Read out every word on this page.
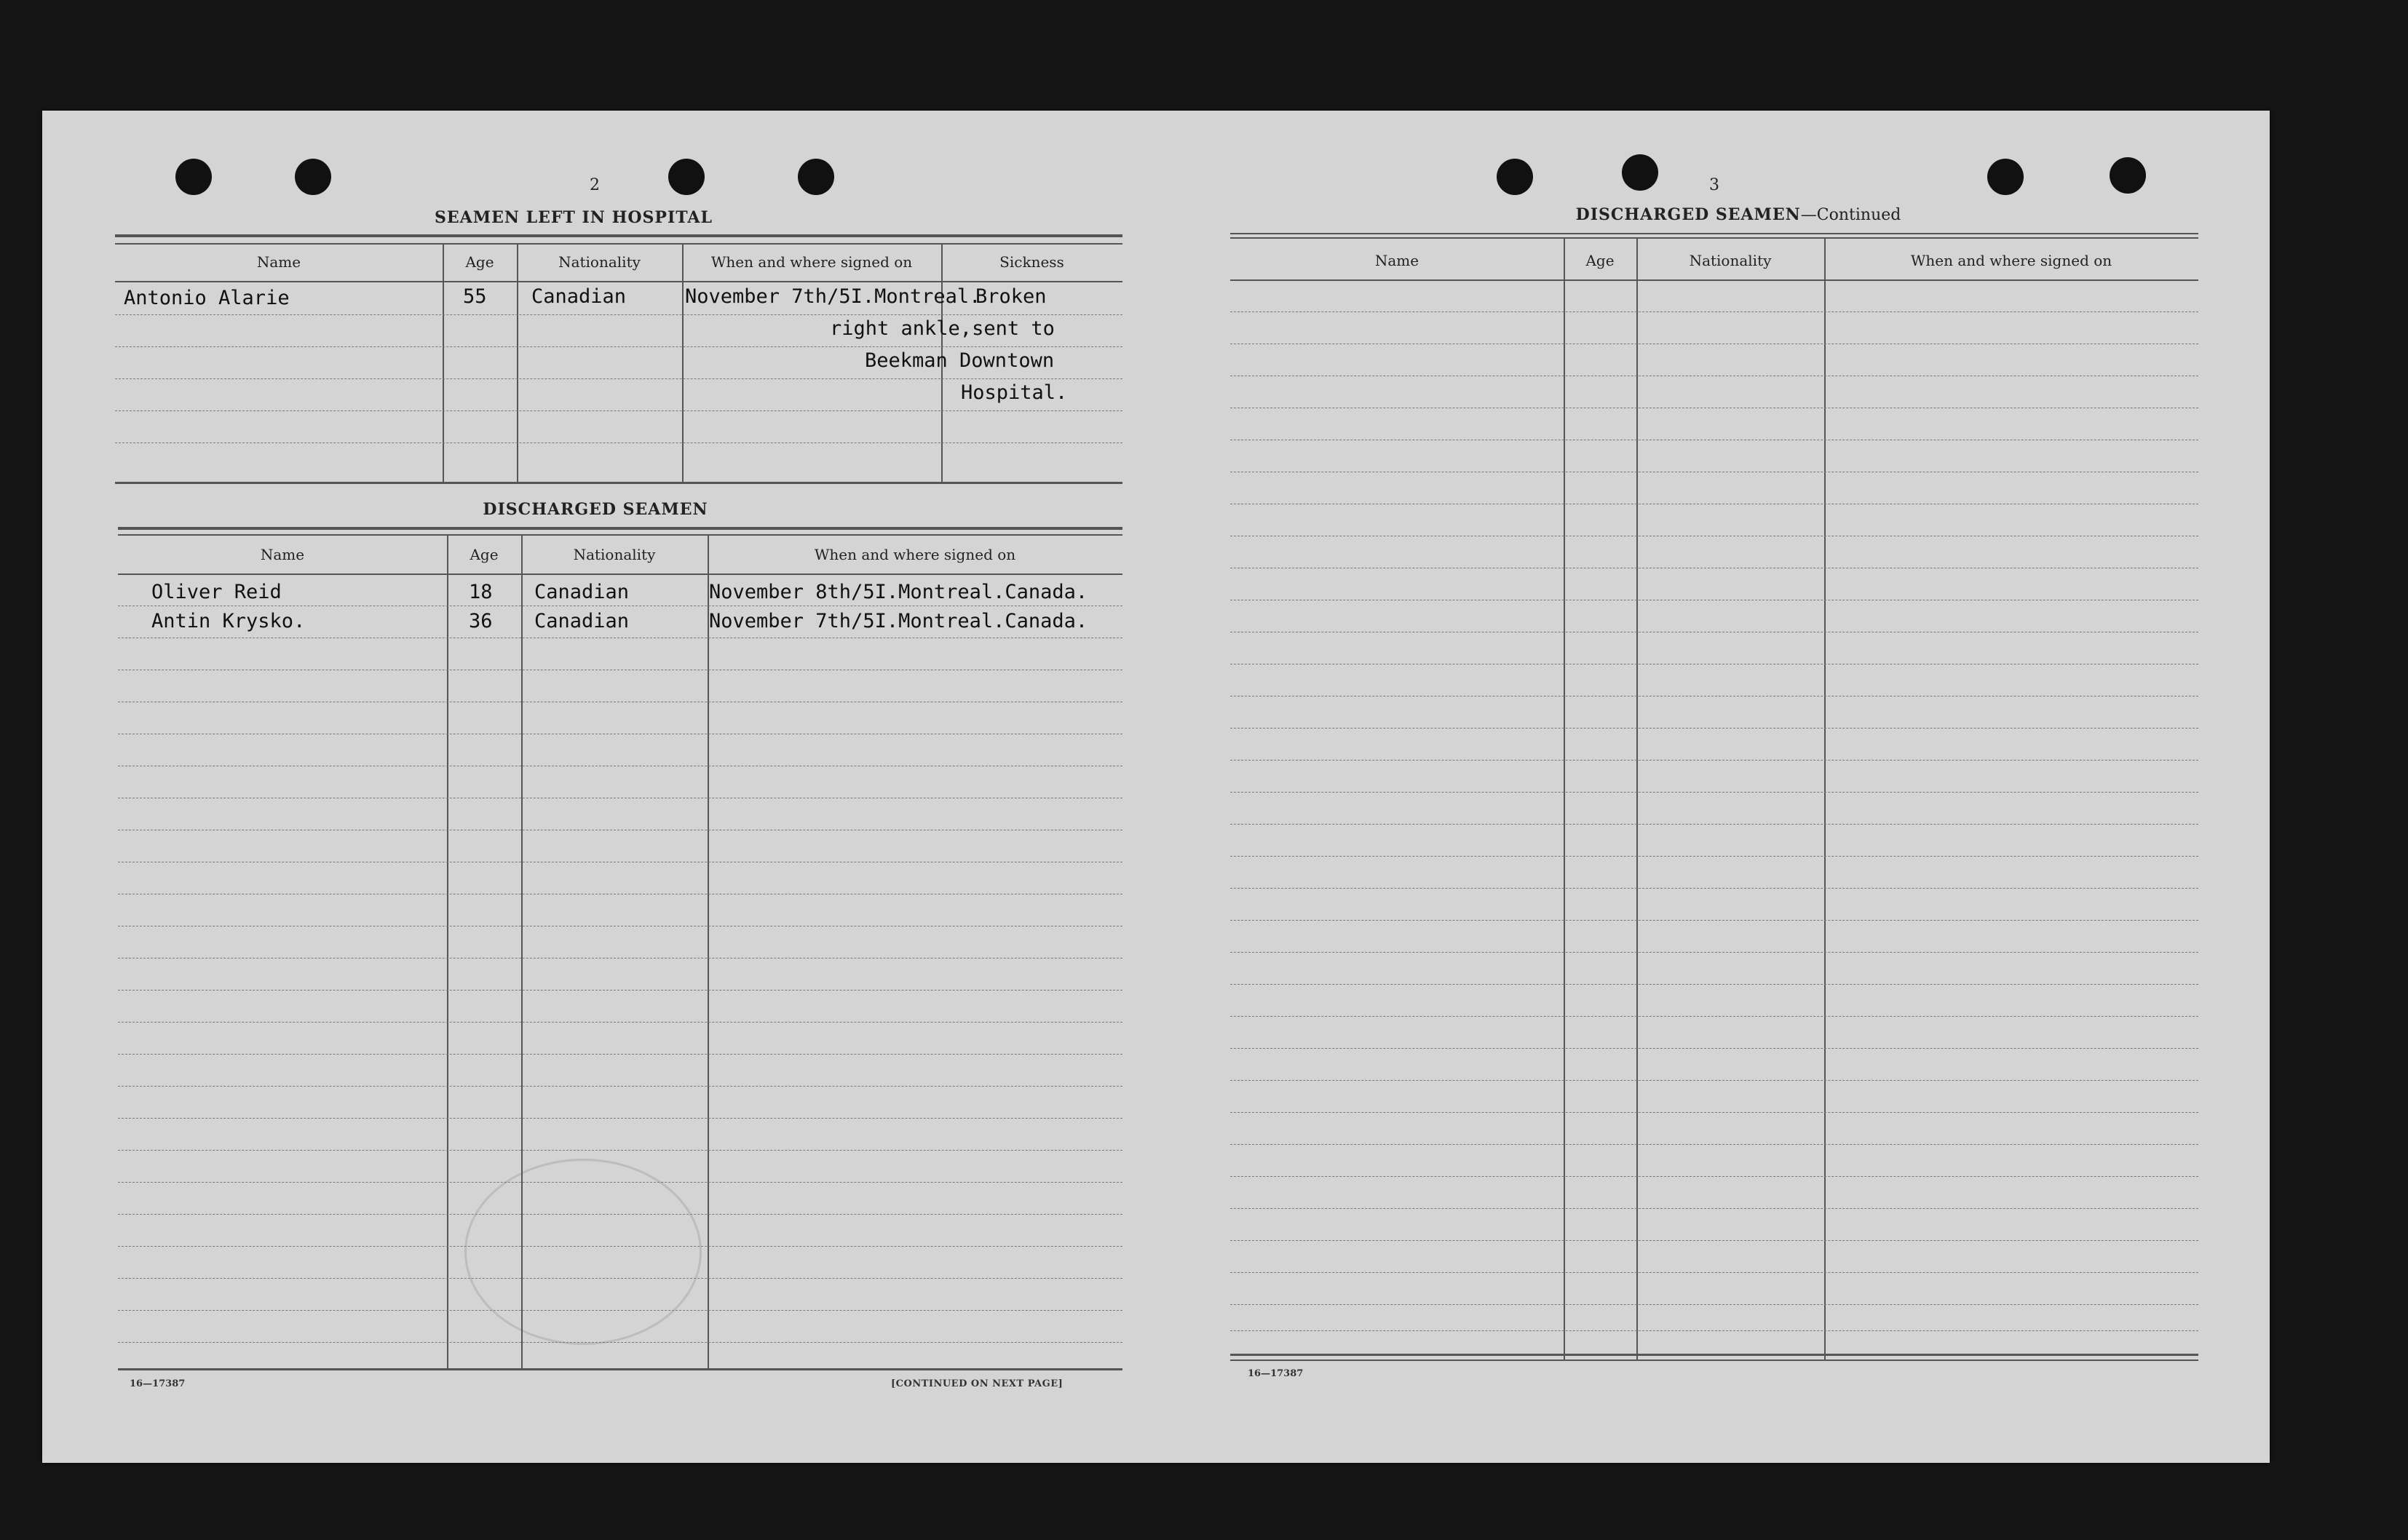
2
SEAMEN LEFT IN HOSPITAL
Name	Age	Nationality	When and where signed on	Sickness
Antonio Alarie	55 Canadian	November 7th/5I.Montreal.
Broken
right ankle,sent to
Beekman Downtown
Hospital.
DISCHARGED SEAMEN
Name	Age	Nationality	When and where signed on
Oliver Reid	18 Canadian	November 8th/5I.Montreal.Canada.
Antin Krysko.	36 Canadian	November 7th/5I.Montreal.Canada.
16—17387	[CONTINUED ON NEXT PAGE]
3
DISCHARGED SEAMEN—Continued
Name	Age	Nationality	When and where signed on
16—17387
